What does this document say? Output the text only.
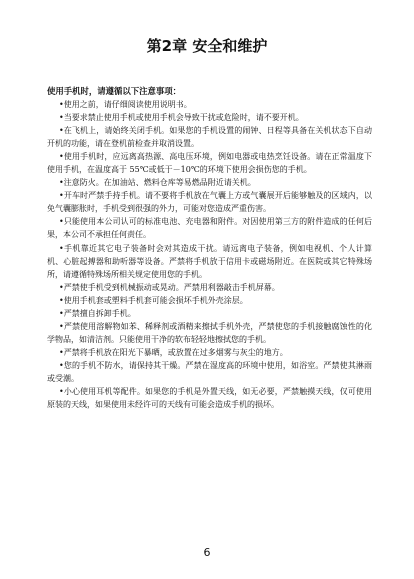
第2章 安全和维护

使用手机时，请遵循以下注意事项：

•使用之前，请仔细阅读使用说明书。
•当要求禁止使用手机或使用手机会导致干扰或危险时，请不要开机。
•在飞机上，请始终关闭手机。如果您的手机设置的闹钟、日程等具备在关机状态下自动开机的功能，请在登机前检查并取消设置。
•使用手机时，应远离高热源、高电压环境，例如电器或电热烹饪设备。请在正常温度下使用手机，在温度高于 55℃或低于－10℃的环境下使用会损伤您的手机。
•注意防火。在加油站、燃料仓库等易燃品附近请关机。
•开车时严禁手持手机。请不要将手机放在气囊上方或气囊展开后能够触及的区域内，以免气囊膨胀时，手机受到很强的外力，可能对您造成严重伤害。
•只能使用本公司认可的标准电池、充电器和附件。对因使用第三方的附件造成的任何后果，本公司不承担任何责任。
•手机靠近其它电子装备时会对其造成干扰。请远离电子装备，例如电视机、个人计算机、心脏起搏器和助听器等设备。严禁将手机放于信用卡或磁场附近。在医院或其它特殊场所，请遵循特殊场所相关规定使用您的手机。
•严禁使手机受到机械振动或晃动。严禁用利器敲击手机屏幕。
•使用手机套或塑料手机套可能会损坏手机外壳涂层。
•严禁擅自拆卸手机。
•严禁使用溶解物如苯、稀释剂或酒精来擦拭手机外壳，严禁使您的手机接触腐蚀性的化学物品，如清洁剂。只能使用干净的软布轻轻地擦拭您的手机。
•严禁将手机放在阳光下暴晒，或放置在过多烟雾与灰尘的地方。
•您的手机不防水，请保持其干燥。严禁在湿度高的环境中使用，如浴室。严禁使其淋雨或受潮。
•小心使用耳机等配件。如果您的手机是外置天线，如无必要，严禁触摸天线，仅可使用原装的天线，如果使用未经许可的天线有可能会造成手机的损坏。
6
